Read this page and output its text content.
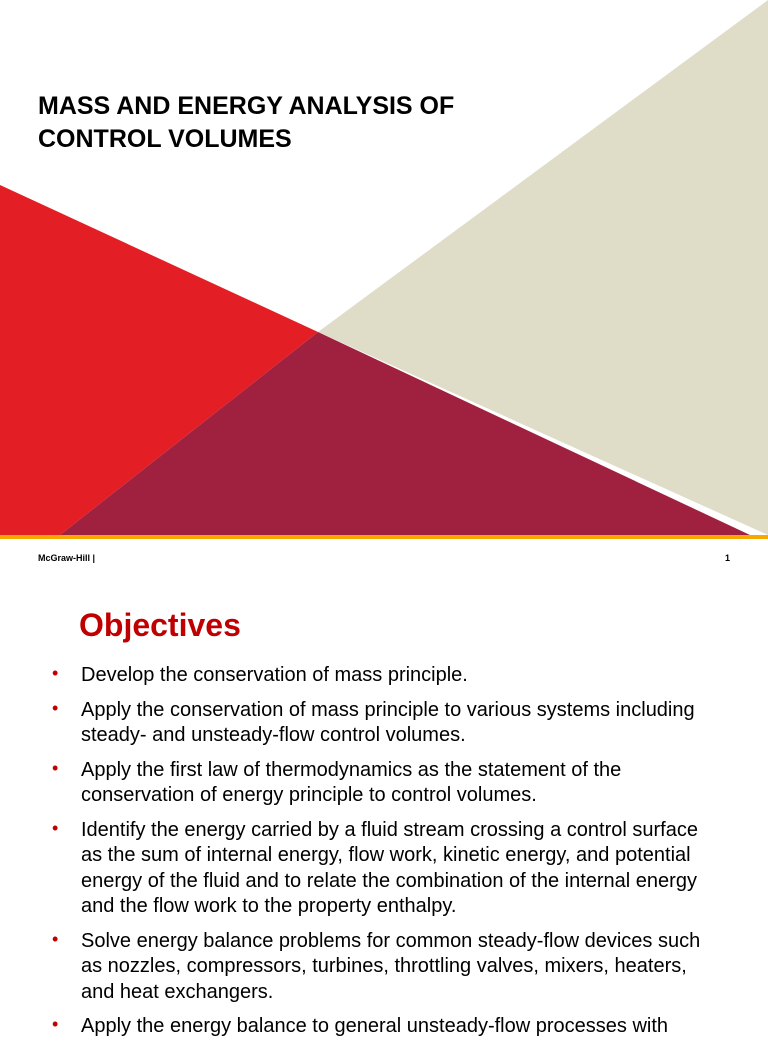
MASS AND ENERGY ANALYSIS OF
CONTROL VOLUMES
McGraw-Hill |	1
Objectives
• Develop the conservation of mass principle.
• Apply the conservation of mass principle to various systems including steady- and unsteady-flow control volumes.
• Apply the first law of thermodynamics as the statement of the conservation of energy principle to control volumes.
• Identify the energy carried by a fluid stream crossing a control surface as the sum of internal energy, flow work, kinetic energy, and potential energy of the fluid and to relate the combination of the internal energy and the flow work to the property enthalpy.
• Solve energy balance problems for common steady-flow devices such as nozzles, compressors, turbines, throttling valves, mixers, heaters, and heat exchangers.
• Apply the energy balance to general unsteady-flow processes with
